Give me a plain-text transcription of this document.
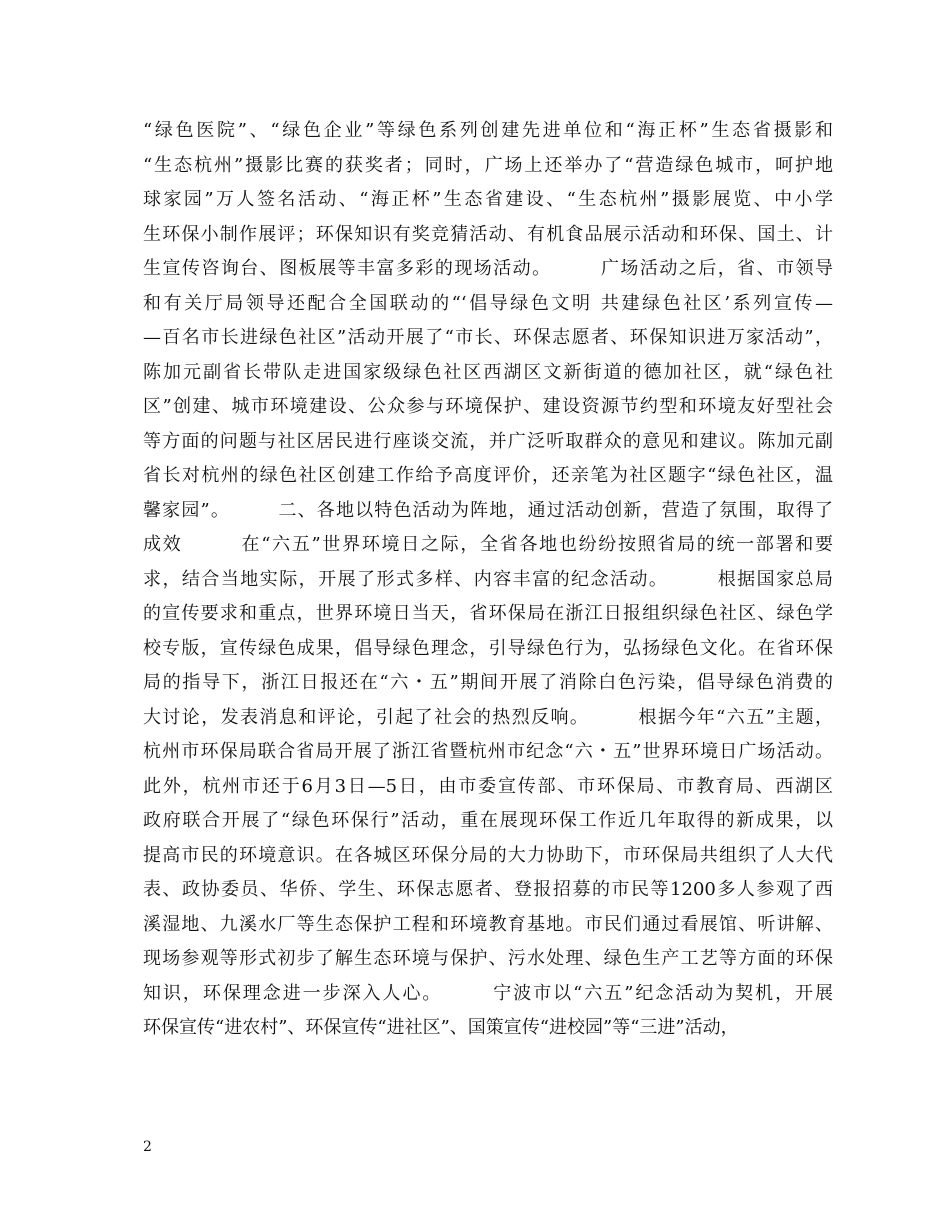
“绿色医院”、“绿色企业”等绿色系列创建先进单位和“海正杯”生态省摄影和
“生态杭州”摄影比赛的获奖者；同时，广场上还举办了“营造绿色城市，呵护地
球家园”万人签名活动、“海正杯”生态省建设、“生态杭州”摄影展览、中小学
生环保小制作展评；环保知识有奖竞猜活动、有机食品展示活动和环保、国土、计
生宣传咨询台、图板展等丰富多彩的现场活动。　　　广场活动之后，省、市领导
和有关厅局领导还配合全国联动的“‘倡导绿色文明 共建绿色社区’系列宣传—
—百名市长进绿色社区”活动开展了“市长、环保志愿者、环保知识进万家活动”，
陈加元副省长带队走进国家级绿色社区西湖区文新街道的德加社区，就“绿色社
区”创建、城市环境建设、公众参与环境保护、建设资源节约型和环境友好型社会
等方面的问题与社区居民进行座谈交流，并广泛听取群众的意见和建议。陈加元副
省长对杭州的绿色社区创建工作给予高度评价，还亲笔为社区题字“绿色社区，温
馨家园”。　　　二、各地以特色活动为阵地，通过活动创新，营造了氛围，取得了
成效　　　在“六五”世界环境日之际，全省各地也纷纷按照省局的统一部署和要
求，结合当地实际，开展了形式多样、内容丰富的纪念活动。　　　根据国家总局
的宣传要求和重点，世界环境日当天，省环保局在浙江日报组织绿色社区、绿色学
校专版，宣传绿色成果，倡导绿色理念，引导绿色行为，弘扬绿色文化。在省环保
局的指导下，浙江日报还在“六・五”期间开展了消除白色污染，倡导绿色消费的
大讨论，发表消息和评论，引起了社会的热烈反响。　　　根据今年“六五”主题，
杭州市环保局联合省局开展了浙江省暨杭州市纪念“六・五”世界环境日广场活动。
此外，杭州市还于6月3日—5日，由市委宣传部、市环保局、市教育局、西湖区
政府联合开展了“绿色环保行”活动，重在展现环保工作近几年取得的新成果，以
提高市民的环境意识。在各城区环保分局的大力协助下，市环保局共组织了人大代
表、政协委员、华侨、学生、环保志愿者、登报招募的市民等1200多人参观了西
溪湿地、九溪水厂等生态保护工程和环境教育基地。市民们通过看展馆、听讲解、
现场参观等形式初步了解生态环境与保护、污水处理、绿色生产工艺等方面的环保
知识，环保理念进一步深入人心。　　　宁波市以“六五”纪念活动为契机，开展
环保宣传“进农村”、环保宣传“进社区”、国策宣传“进校园”等“三进”活动，
2
